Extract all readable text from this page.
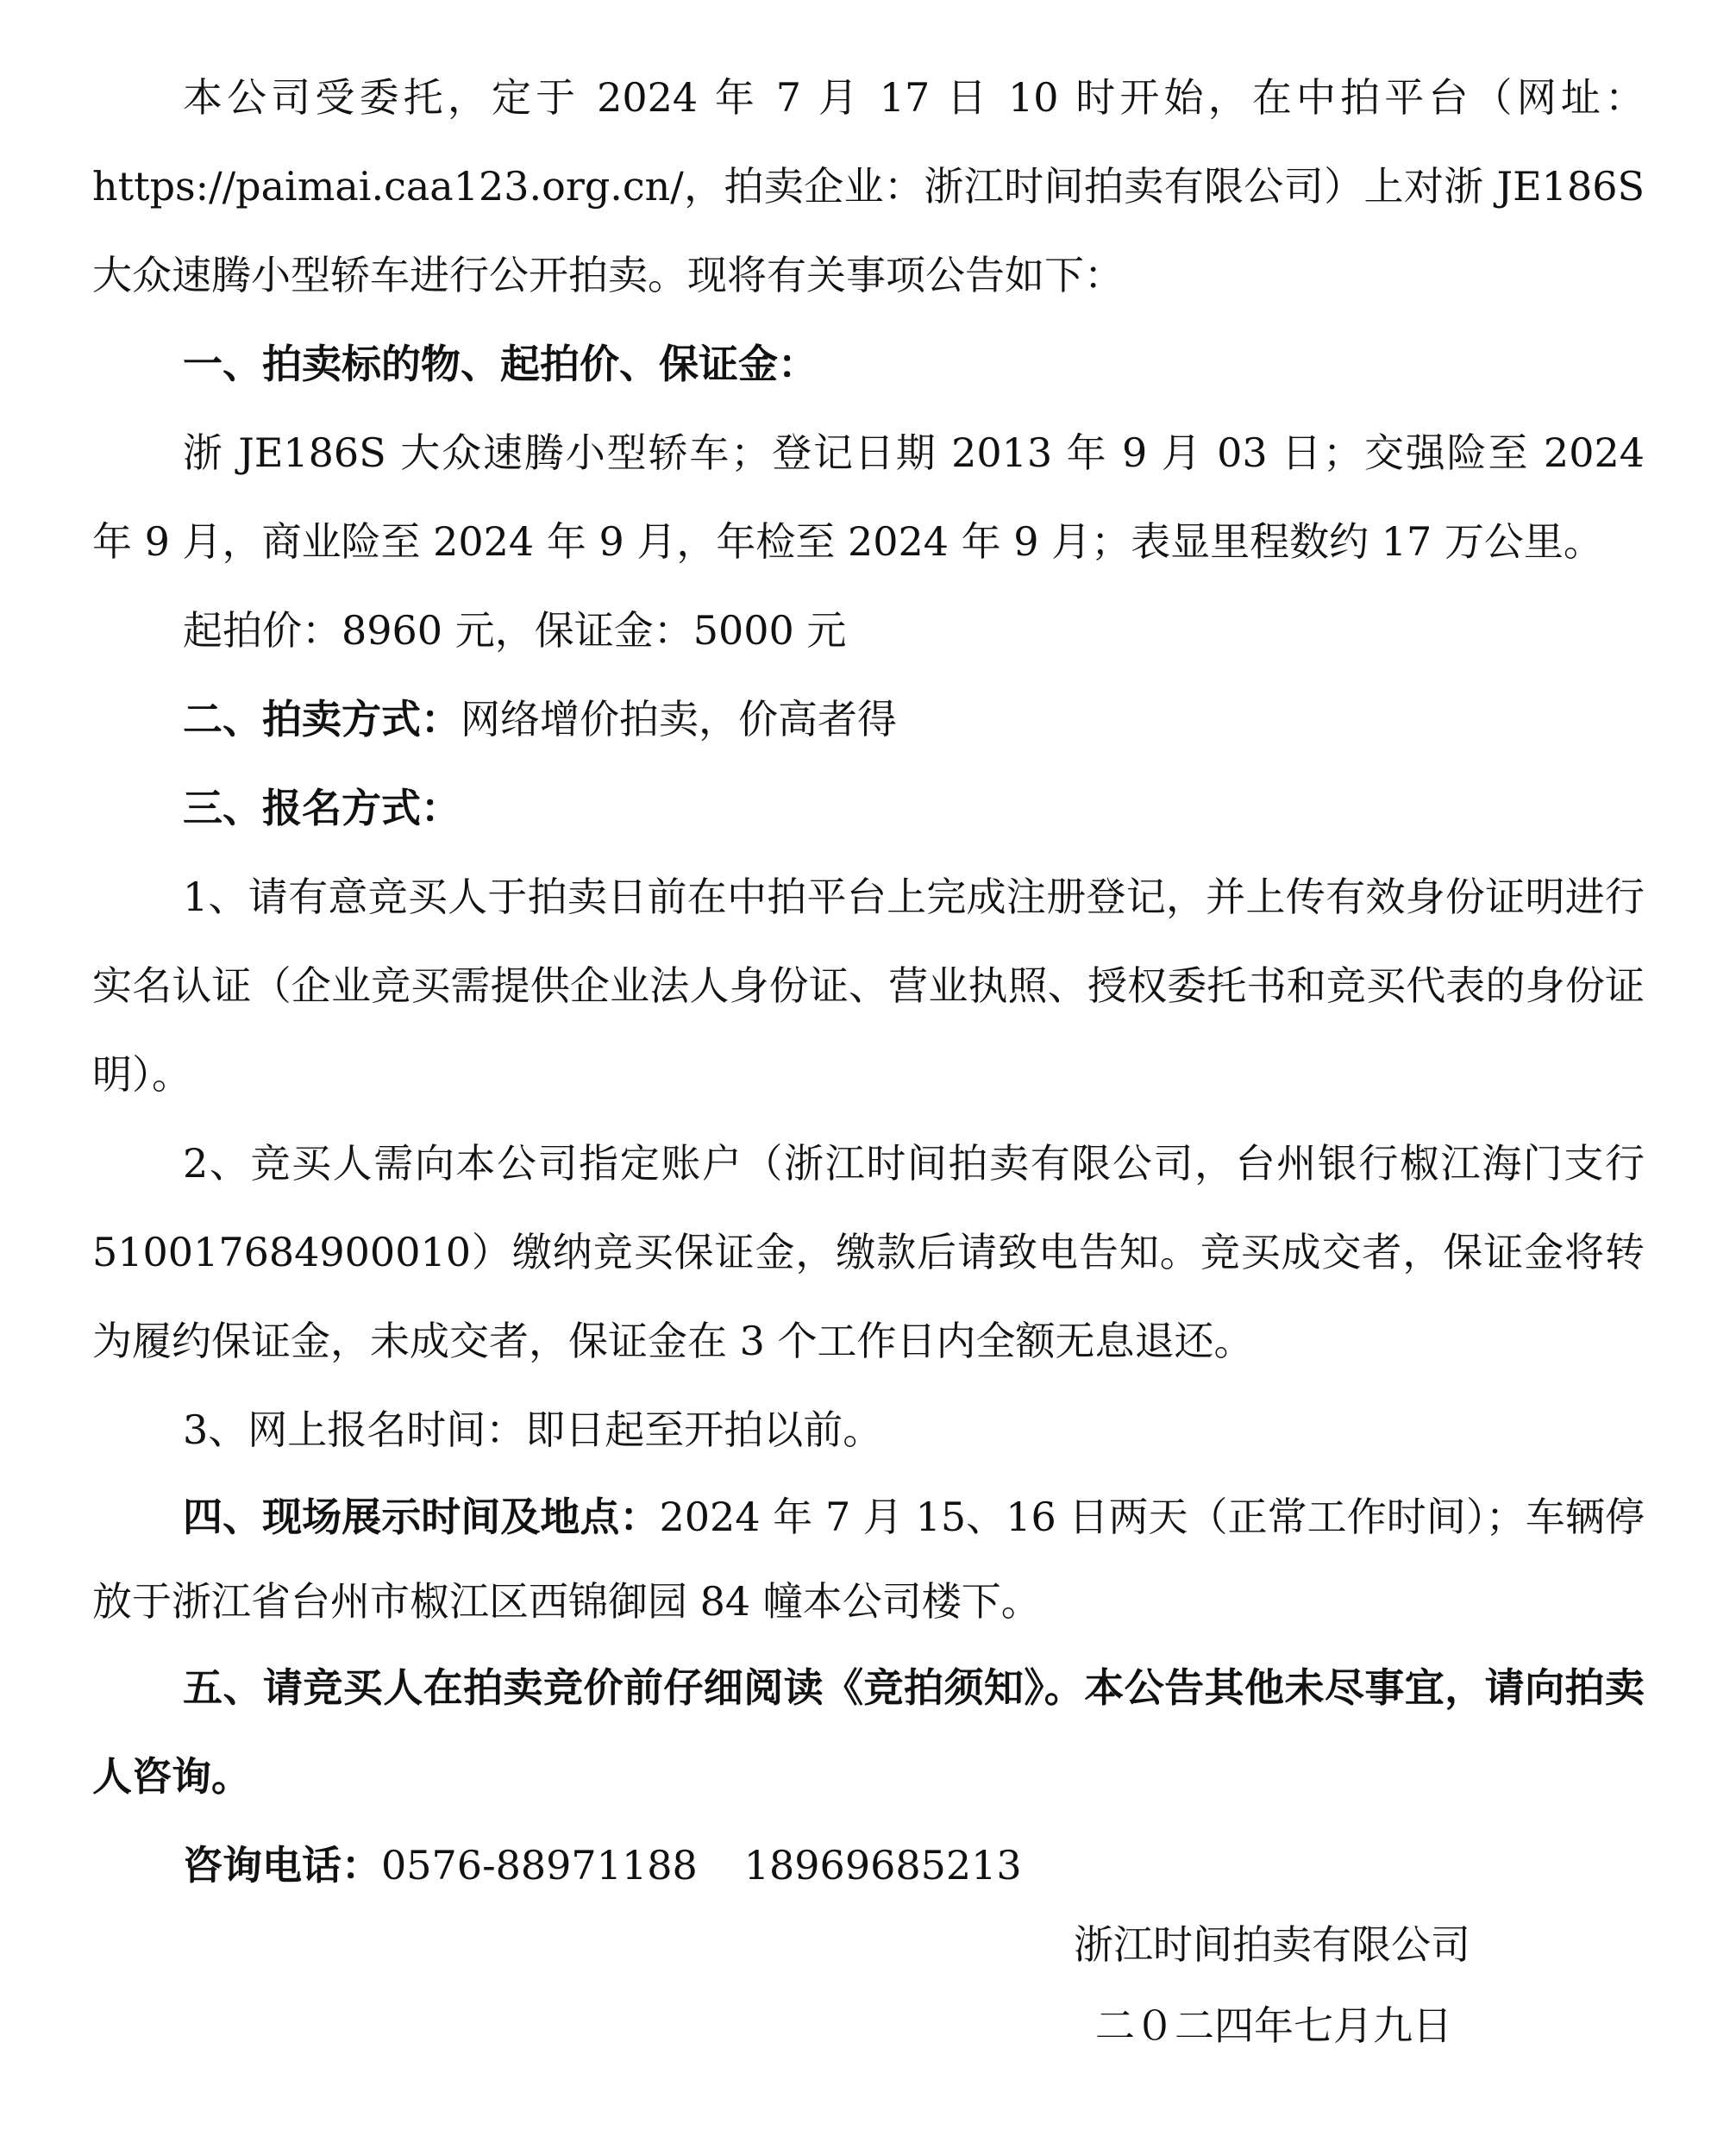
本公司受委托，定于 2024 年 7 月 17 日 10 时开始，在中拍平台（网址：https://paimai.caa123.org.cn/，拍卖企业：浙江时间拍卖有限公司）上对浙 JE186S 大众速腾小型轿车进行公开拍卖。现将有关事项公告如下：

一、拍卖标的物、起拍价、保证金：

浙 JE186S 大众速腾小型轿车；登记日期 2013 年 9 月 03 日；交强险至 2024 年 9 月，商业险至 2024 年 9 月，年检至 2024 年 9 月；表显里程数约 17 万公里。

起拍价：8960 元，保证金：5000 元

二、拍卖方式：网络增价拍卖，价高者得

三、报名方式：

1、请有意竞买人于拍卖日前在中拍平台上完成注册登记，并上传有效身份证明进行实名认证（企业竞买需提供企业法人身份证、营业执照、授权委托书和竞买代表的身份证明）。

2、竞买人需向本公司指定账户（浙江时间拍卖有限公司，台州银行椒江海门支行 510017684900010）缴纳竞买保证金，缴款后请致电告知。竞买成交者，保证金将转为履约保证金，未成交者，保证金在 3 个工作日内全额无息退还。

3、网上报名时间：即日起至开拍以前。

四、现场展示时间及地点：2024 年 7 月 15、16 日两天（正常工作时间）；车辆停放于浙江省台州市椒江区西锦御园 84 幢本公司楼下。

五、请竞买人在拍卖竞价前仔细阅读《竞拍须知》。本公告其他未尽事宜，请向拍卖人咨询。

咨询电话：0576-88971188 18969685213

浙江时间拍卖有限公司
二０二四年七月九日
